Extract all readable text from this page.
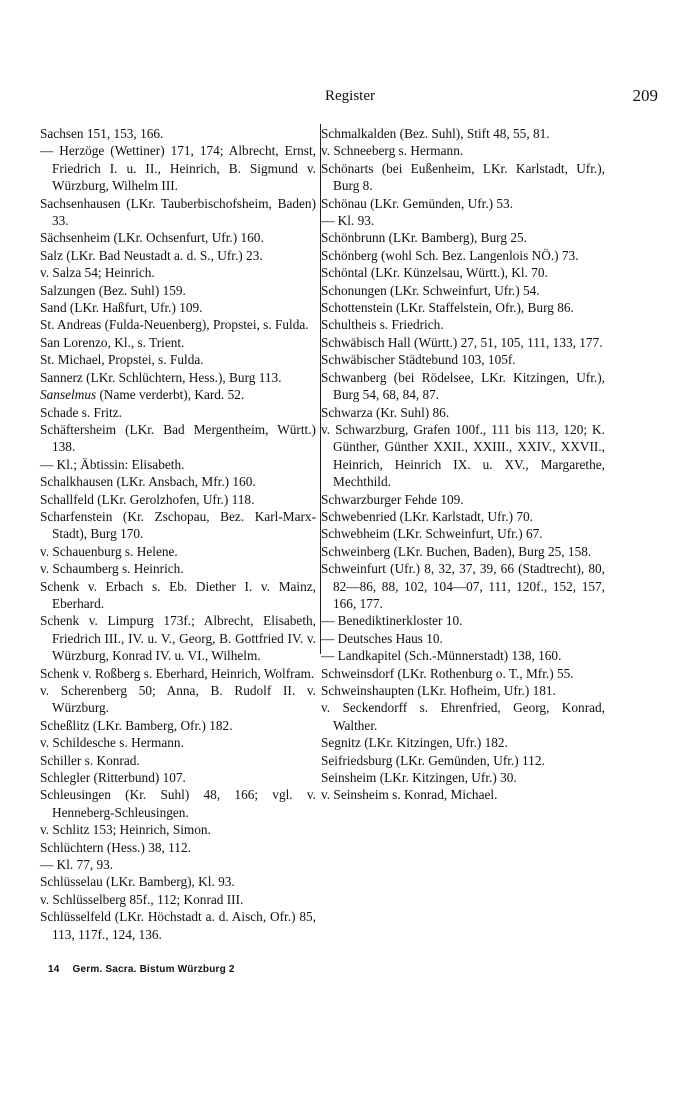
Register	209

Sachsen 151, 153, 166.

— Herzöge (Wettiner) 171, 174; Albrecht, Ernst, Friedrich I. u. II., Heinrich, B. Sigmund v. Würzburg, Wilhelm III.

Sachsenhausen (LKr. Tauberbischofsheim, Baden) 33.

Sächsenheim (LKr. Ochsenfurt, Ufr.) 160.

Salz (LKr. Bad Neustadt a. d. S., Ufr.) 23.

v. Salza 54; Heinrich.

Salzungen (Bez. Suhl) 159.

Sand (LKr. Haßfurt, Ufr.) 109.

St. Andreas (Fulda-Neuenberg), Propstei, s. Fulda.

San Lorenzo, Kl., s. Trient.

St. Michael, Propstei, s. Fulda.

Sannerz (LKr. Schlüchtern, Hess.), Burg 113.

Sanselmus (Name verderbt), Kard. 52.

Schade s. Fritz.

Schäftersheim (LKr. Bad Mergentheim, Württ.) 138.

— Kl.; Äbtissin: Elisabeth.

Schalkhausen (LKr. Ansbach, Mfr.) 160.

Schallfeld (LKr. Gerolzhofen, Ufr.) 118.

Scharfenstein (Kr. Zschopau, Bez. Karl-Marx-Stadt), Burg 170.

v. Schauenburg s. Helene.

v. Schaumberg s. Heinrich.

Schenk v. Erbach s. Eb. Diether I. v. Mainz, Eberhard.

Schenk v. Limpurg 173f.; Albrecht, Elisabeth, Friedrich III., IV. u. V., Georg, B. Gottfried IV. v. Würzburg, Konrad IV. u. VI., Wilhelm.

Schenk v. Roßberg s. Eberhard, Heinrich, Wolfram.

v. Scherenberg 50; Anna, B. Rudolf II. v. Würzburg.

Scheßlitz (LKr. Bamberg, Ofr.) 182.

v. Schildesche s. Hermann.

Schiller s. Konrad.

Schlegler (Ritterbund) 107.

Schleusingen (Kr. Suhl) 48, 166; vgl. v. Henneberg-Schleusingen.

v. Schlitz 153; Heinrich, Simon.

Schlüchtern (Hess.) 38, 112.

— Kl. 77, 93.

Schlüsselau (LKr. Bamberg), Kl. 93.

v. Schlüsselberg 85f., 112; Konrad III.

Schlüsselfeld (LKr. Höchstadt a. d. Aisch, Ofr.) 85, 113, 117f., 124, 136.

Schmalkalden (Bez. Suhl), Stift 48, 55, 81.

v. Schneeberg s. Hermann.

Schönarts (bei Eußenheim, LKr. Karlstadt, Ufr.), Burg 8.

Schönau (LKr. Gemünden, Ufr.) 53.

— Kl. 93.

Schönbrunn (LKr. Bamberg), Burg 25.

Schönberg (wohl Sch. Bez. Langenlois NÖ.) 73.

Schöntal (LKr. Künzelsau, Württ.), Kl. 70.

Schonungen (LKr. Schweinfurt, Ufr.) 54.

Schottenstein (LKr. Staffelstein, Ofr.), Burg 86.

Schultheis s. Friedrich.

Schwäbisch Hall (Württ.) 27, 51, 105, 111, 133, 177.

Schwäbischer Städtebund 103, 105f.

Schwanberg (bei Rödelsee, LKr. Kitzingen, Ufr.), Burg 54, 68, 84, 87.

Schwarza (Kr. Suhl) 86.

v. Schwarzburg, Grafen 100f., 111 bis 113, 120; K. Günther, Günther XXII., XXIII., XXIV., XXVII., Heinrich, Heinrich IX. u. XV., Margarethe, Mechthild.

Schwarzburger Fehde 109.

Schwebenried (LKr. Karlstadt, Ufr.) 70.

Schwebheim (LKr. Schweinfurt, Ufr.) 67.

Schweinberg (LKr. Buchen, Baden), Burg 25, 158.

Schweinfurt (Ufr.) 8, 32, 37, 39, 66 (Stadtrecht), 80, 82—86, 88, 102, 104—07, 111, 120f., 152, 157, 166, 177.

— Benediktinerkloster 10.

— Deutsches Haus 10.

— Landkapitel (Sch.-Münnerstadt) 138, 160.

Schweinsdorf (LKr. Rothenburg o. T., Mfr.) 55.

Schweinshaupten (LKr. Hofheim, Ufr.) 181.

v. Seckendorff s. Ehrenfried, Georg, Konrad, Walther.

Segnitz (LKr. Kitzingen, Ufr.) 182.

Seifriedsburg (LKr. Gemünden, Ufr.) 112.

Seinsheim (LKr. Kitzingen, Ufr.) 30.

v. Seinsheim s. Konrad, Michael.

14 Germ. Sacra. Bistum Würzburg 2
